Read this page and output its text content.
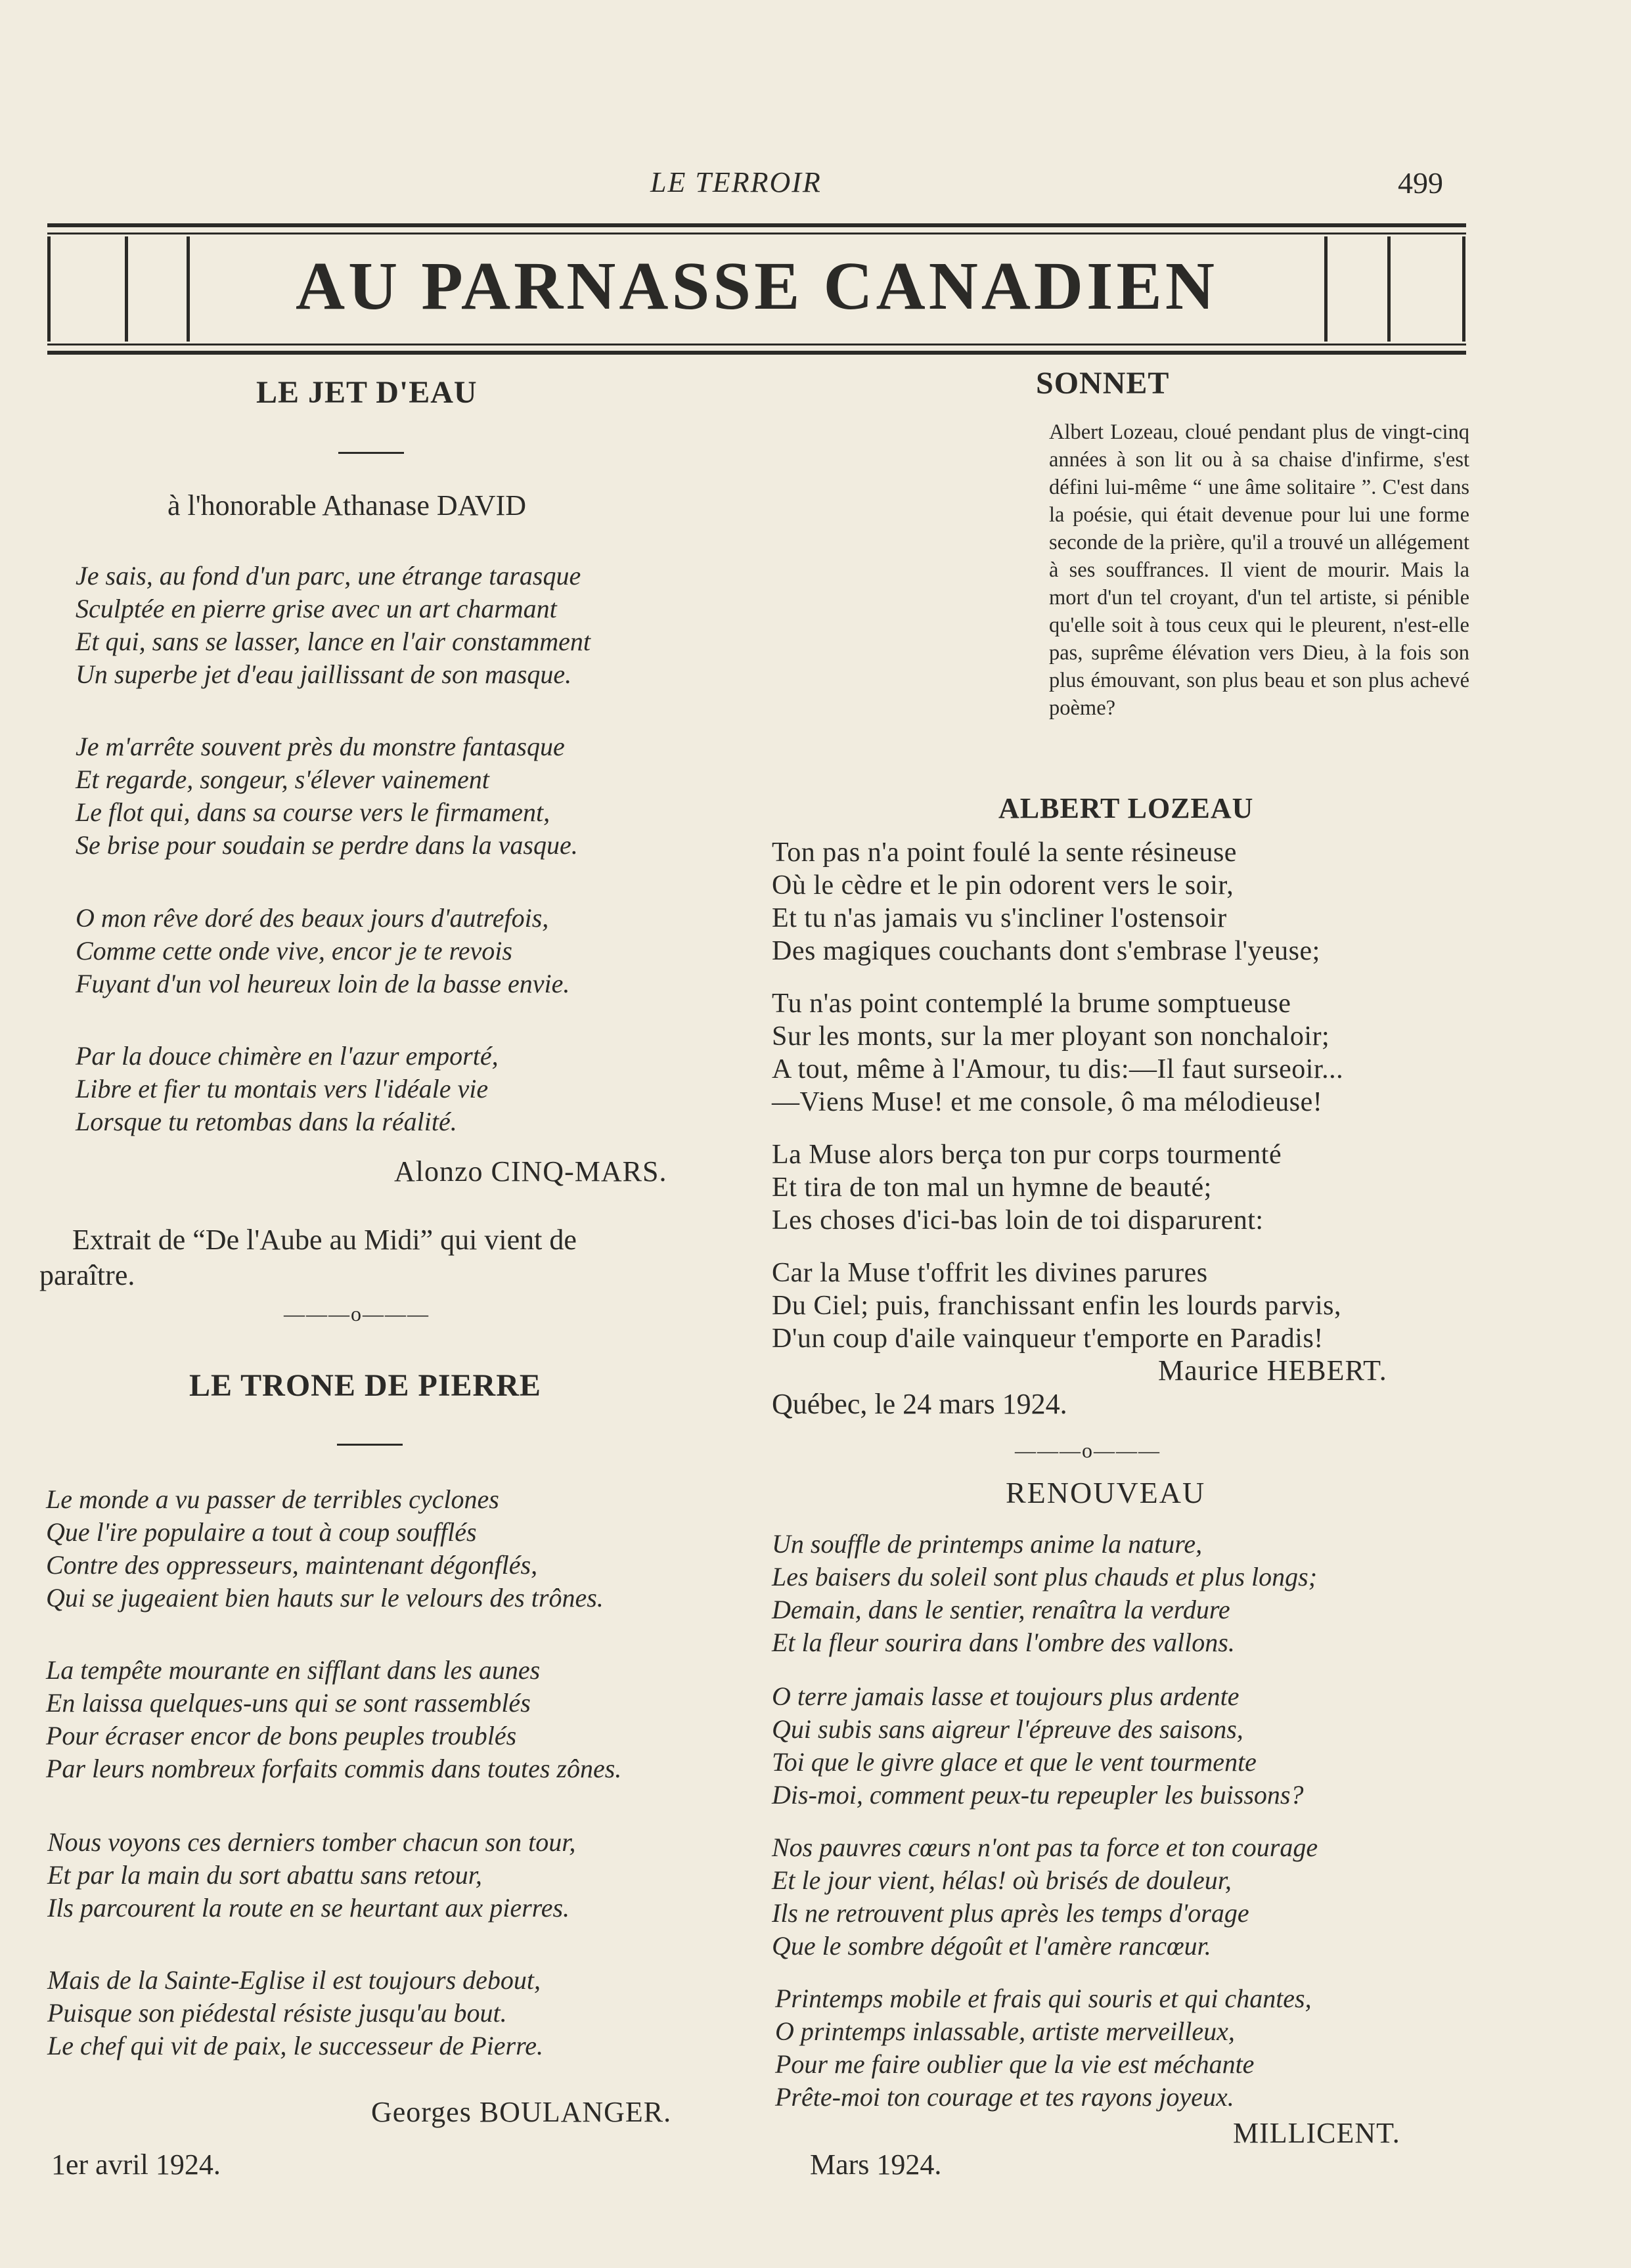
LE TERROIR	499
AU PARNASSE CANADIEN
LE JET D'EAU
à l'honorable Athanase DAVID
Je sais, au fond d'un parc, une étrange tarasque
Sculptée en pierre grise avec un art charmant
Et qui, sans se lasser, lance en l'air constamment
Un superbe jet d'eau jaillissant de son masque.
Je m'arrête souvent près du monstre fantasque
Et regarde, songeur, s'élever vainement
Le flot qui, dans sa course vers le firmament,
Se brise pour soudain se perdre dans la vasque.
O mon rêve doré des beaux jours d'autrefois,
Comme cette onde vive, encor je te revois
Fuyant d'un vol heureux loin de la basse envie.
Par la douce chimère en l'azur emporté,
Libre et fier tu montais vers l'idéale vie
Lorsque tu retombas dans la réalité.
Alonzo CINQ-MARS.
Extrait de “De l'Aube au Midi” qui vient de
paraître.
———o———
LE TRONE DE PIERRE
Le monde a vu passer de terribles cyclones
Que l'ire populaire a tout à coup soufflés
Contre des oppresseurs, maintenant dégonflés,
Qui se jugeaient bien hauts sur le velours des trônes.
La tempête mourante en sifflant dans les aunes
En laissa quelques-uns qui se sont rassemblés
Pour écraser encor de bons peuples troublés
Par leurs nombreux forfaits commis dans toutes zônes.
Nous voyons ces derniers tomber chacun son tour,
Et par la main du sort abattu sans retour,
Ils parcourent la route en se heurtant aux pierres.
Mais de la Sainte-Eglise il est toujours debout,
Puisque son piédestal résiste jusqu'au bout.
Le chef qui vit de paix, le successeur de Pierre.
Georges BOULANGER.
1er avril 1924.
SONNET
Albert Lozeau, cloué pendant plus de vingt-cinq années à son lit ou à sa chaise d'infirme, s'est défini lui-même “ une âme solitaire ”. C'est dans la poésie, qui était devenue pour lui une forme seconde de la prière, qu'il a trouvé un allégement à ses souffrances. Il vient de mourir. Mais la mort d'un tel croyant, d'un tel artiste, si pénible qu'elle soit à tous ceux qui le pleurent, n'est-elle pas, suprême élévation vers Dieu, à la fois son plus émouvant, son plus beau et son plus achevé poème?
ALBERT LOZEAU
Ton pas n'a point foulé la sente résineuse
Où le cèdre et le pin odorent vers le soir,
Et tu n'as jamais vu s'incliner l'ostensoir
Des magiques couchants dont s'embrase l'yeuse;
Tu n'as point contemplé la brume somptueuse
Sur les monts, sur la mer ployant son nonchaloir;
A tout, même à l'Amour, tu dis:—Il faut surseoir...
—Viens Muse! et me console, ô ma mélodieuse!
La Muse alors berça ton pur corps tourmenté
Et tira de ton mal un hymne de beauté;
Les choses d'ici-bas loin de toi disparurent:
Car la Muse t'offrit les divines parures
Du Ciel; puis, franchissant enfin les lourds parvis,
D'un coup d'aile vainqueur t'emporte en Paradis!
Maurice HEBERT.
Québec, le 24 mars 1924.
———o———
RENOUVEAU
Un souffle de printemps anime la nature,
Les baisers du soleil sont plus chauds et plus longs;
Demain, dans le sentier, renaîtra la verdure
Et la fleur sourira dans l'ombre des vallons.
O terre jamais lasse et toujours plus ardente
Qui subis sans aigreur l'épreuve des saisons,
Toi que le givre glace et que le vent tourmente
Dis-moi, comment peux-tu repeupler les buissons?
Nos pauvres cœurs n'ont pas ta force et ton courage
Et le jour vient, hélas! où brisés de douleur,
Ils ne retrouvent plus après les temps d'orage
Que le sombre dégoût et l'amère rancœur.
Printemps mobile et frais qui souris et qui chantes,
O printemps inlassable, artiste merveilleux,
Pour me faire oublier que la vie est méchante
Prête-moi ton courage et tes rayons joyeux.
MILLICENT.
Mars 1924.
